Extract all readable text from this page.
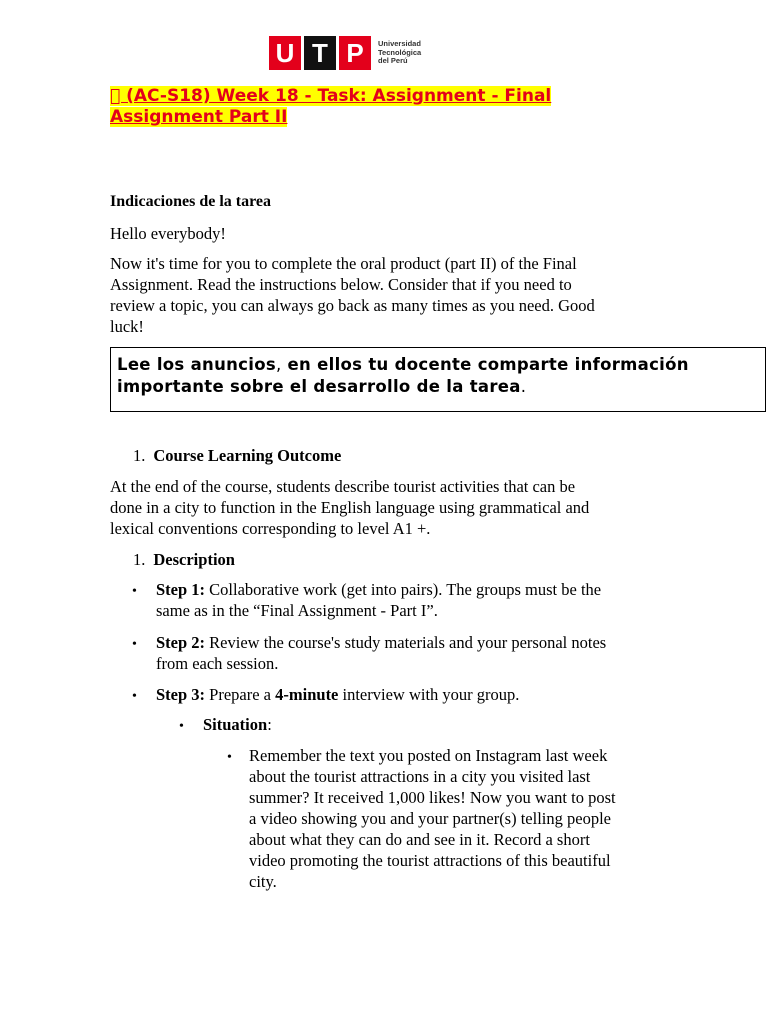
U T P	Universidad
Tecnológica
del Perú
(AC-S18) Week 18 - Task: Assignment - Final
Assignment Part II
Indicaciones de la tarea
Hello everybody!
Now it's time for you to complete the oral product (part II) of the Final
Assignment. Read the instructions below. Consider that if you need to
review a topic, you can always go back as many times as you need. Good
luck!
Lee los anuncios, en ellos tu docente comparte información
importante sobre el desarrollo de la tarea.
1. Course Learning Outcome
At the end of the course, students describe tourist activities that can be
done in a city to function in the English language using grammatical and
lexical conventions corresponding to level A1 +.
1. Description
• Step 1: Collaborative work (get into pairs). The groups must be the
same as in the “Final Assignment - Part I”.
• Step 2: Review the course's study materials and your personal notes
from each session.
• Step 3: Prepare a 4-minute interview with your group.
• Situation:
• Remember the text you posted on Instagram last week
about the tourist attractions in a city you visited last
summer? It received 1,000 likes! Now you want to post
a video showing you and your partner(s) telling people
about what they can do and see in it. Record a short
video promoting the tourist attractions of this beautiful
city.
